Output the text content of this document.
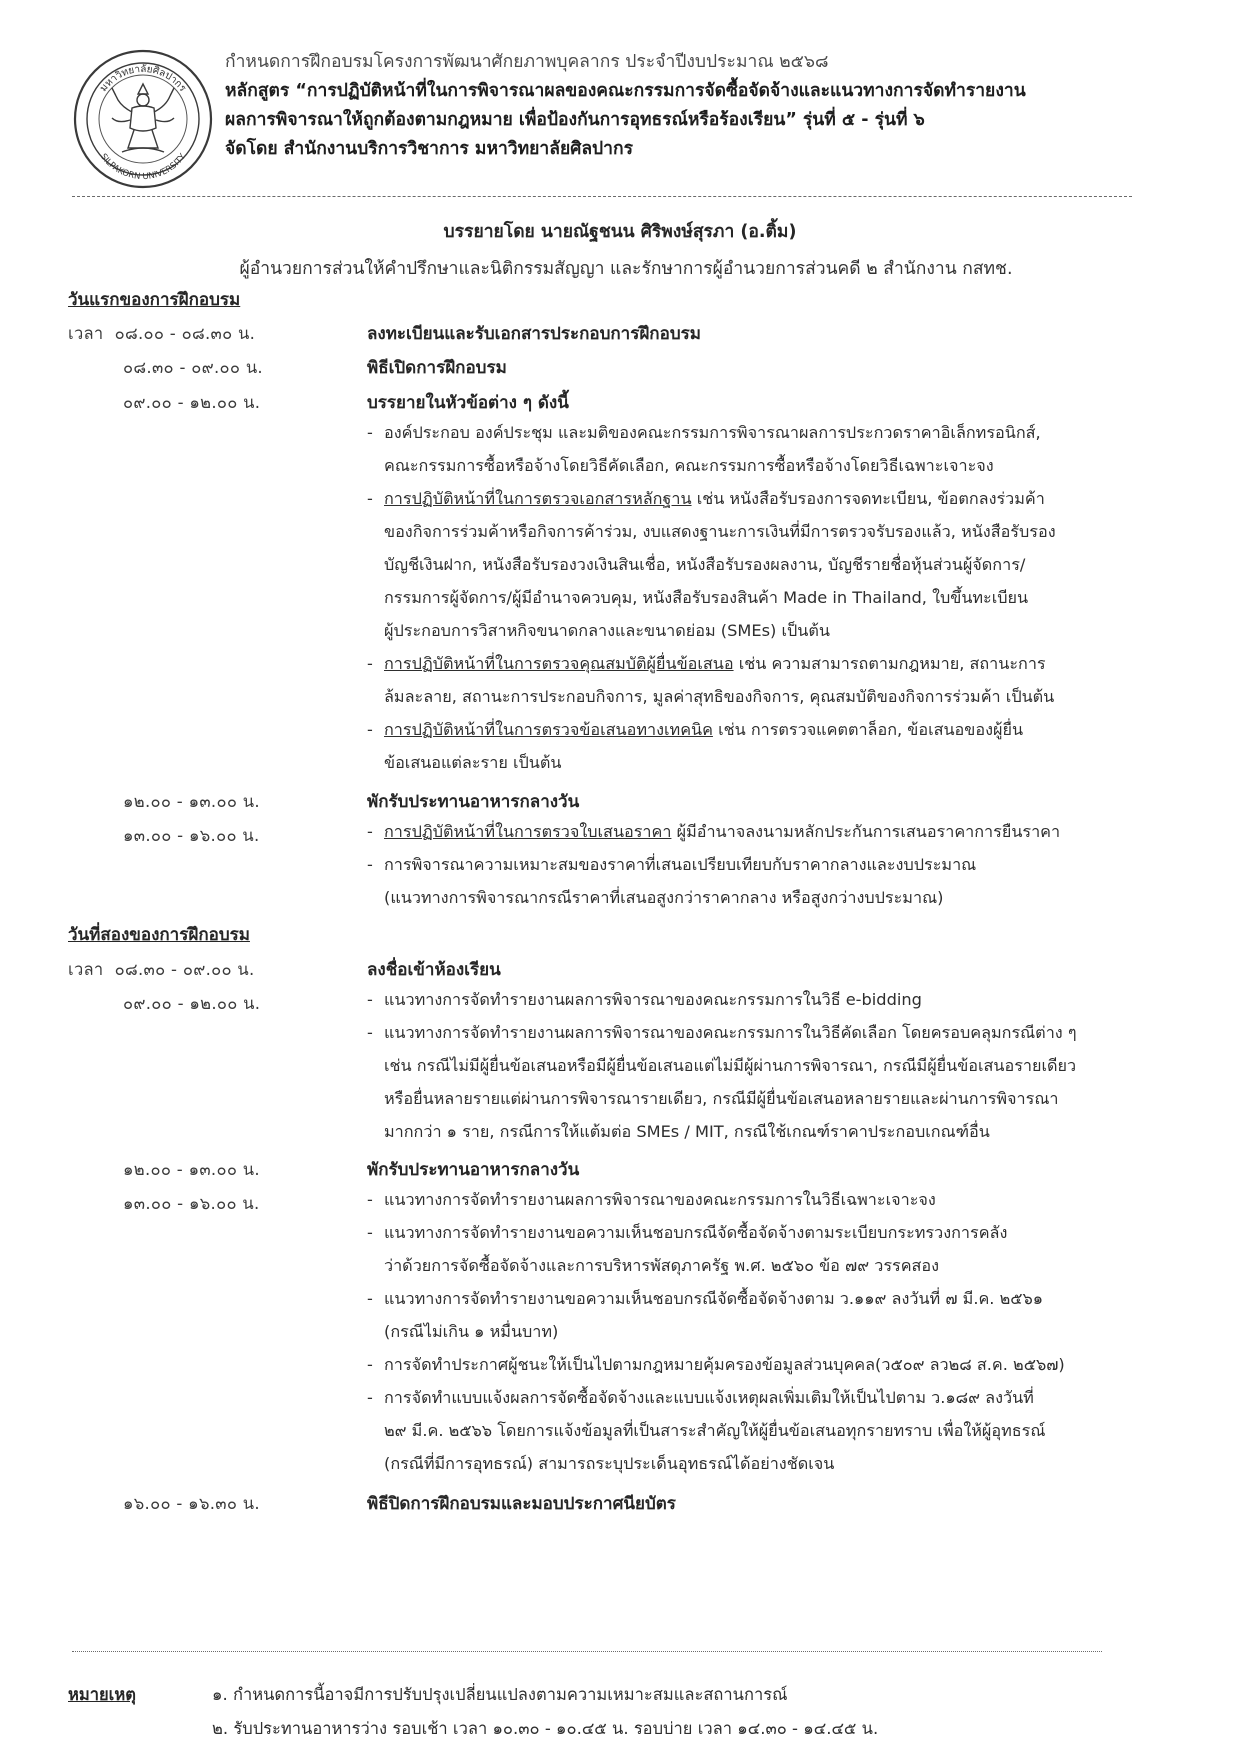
มหาวิทยาลัยศิลปากร
SILPAKORN UNIVERSITY
กำหนดการฝึกอบรมโครงการพัฒนาศักยภาพบุคลากร ประจำปีงบประมาณ ๒๕๖๘
หลักสูตร “การปฏิบัติหน้าที่ในการพิจารณาผลของคณะกรรมการจัดซื้อจัดจ้างและแนวทางการจัดทำรายงาน
ผลการพิจารณาให้ถูกต้องตามกฎหมาย เพื่อป้องกันการอุทธรณ์หรือร้องเรียน” รุ่นที่ ๕ - รุ่นที่ ๖
จัดโดย สำนักงานบริการวิชาการ มหาวิทยาลัยศิลปากร
บรรยายโดย นายณัฐชนน ศิริพงษ์สุรภา (อ.ติ้ม)
ผู้อำนวยการส่วนให้คำปรึกษาและนิติกรรมสัญญา และรักษาการผู้อำนวยการส่วนคดี ๒ สำนักงาน กสทช.
วันแรกของการฝึกอบรม
เวลา ๐๘.๐๐ - ๐๘.๓๐ น.	ลงทะเบียนและรับเอกสารประกอบการฝึกอบรม
๐๘.๓๐ - ๐๙.๐๐ น.	พิธีเปิดการฝึกอบรม
๐๙.๐๐ - ๑๒.๐๐ น.	บรรยายในหัวข้อต่าง ๆ ดังนี้
- องค์ประกอบ องค์ประชุม และมติของคณะกรรมการพิจารณาผลการประกวดราคาอิเล็กทรอนิกส์,
คณะกรรมการซื้อหรือจ้างโดยวิธีคัดเลือก, คณะกรรมการซื้อหรือจ้างโดยวิธีเฉพาะเจาะจง
- การปฏิบัติหน้าที่ในการตรวจเอกสารหลักฐาน เช่น หนังสือรับรองการจดทะเบียน, ข้อตกลงร่วมค้า
ของกิจการร่วมค้าหรือกิจการค้าร่วม, งบแสดงฐานะการเงินที่มีการตรวจรับรองแล้ว, หนังสือรับรอง
บัญชีเงินฝาก, หนังสือรับรองวงเงินสินเชื่อ, หนังสือรับรองผลงาน, บัญชีรายชื่อหุ้นส่วนผู้จัดการ/
กรรมการผู้จัดการ/ผู้มีอำนาจควบคุม, หนังสือรับรองสินค้า Made in Thailand, ใบขึ้นทะเบียน
ผู้ประกอบการวิสาหกิจขนาดกลางและขนาดย่อม (SMEs) เป็นต้น

- การปฏิบัติหน้าที่ในการตรวจคุณสมบัติผู้ยื่นข้อเสนอ เช่น ความสามารถตามกฎหมาย, สถานะการ
ล้มละลาย, สถานะการประกอบกิจการ, มูลค่าสุทธิของกิจการ, คุณสมบัติของกิจการร่วมค้า เป็นต้น
- การปฏิบัติหน้าที่ในการตรวจข้อเสนอทางเทคนิค เช่น การตรวจแคตตาล็อก, ข้อเสนอของผู้ยื่น
ข้อเสนอแต่ละราย เป็นต้น
๑๒.๐๐ - ๑๓.๐๐ น.	พักรับประทานอาหารกลางวัน
๑๓.๐๐ - ๑๖.๐๐ น.	- การปฏิบัติหน้าที่ในการตรวจใบเสนอราคา ผู้มีอำนาจลงนามหลักประกันการเสนอราคาการยืนราคา
- การพิจารณาความเหมาะสมของราคาที่เสนอเปรียบเทียบกับราคากลางและงบประมาณ
(แนวทางการพิจารณากรณีราคาที่เสนอสูงกว่าราคากลาง หรือสูงกว่างบประมาณ)
วันที่สองของการฝึกอบรม
เวลา ๐๘.๓๐ - ๐๙.๐๐ น.	ลงชื่อเข้าห้องเรียน
๐๙.๐๐ - ๑๒.๐๐ น.	- แนวทางการจัดทำรายงานผลการพิจารณาของคณะกรรมการในวิธี e-bidding
- แนวทางการจัดทำรายงานผลการพิจารณาของคณะกรรมการในวิธีคัดเลือก โดยครอบคลุมกรณีต่าง ๆ
เช่น กรณีไม่มีผู้ยื่นข้อเสนอหรือมีผู้ยื่นข้อเสนอแต่ไม่มีผู้ผ่านการพิจารณา, กรณีมีผู้ยื่นข้อเสนอรายเดียว
หรือยื่นหลายรายแต่ผ่านการพิจารณารายเดียว, กรณีมีผู้ยื่นข้อเสนอหลายรายและผ่านการพิจารณา
มากกว่า ๑ ราย, กรณีการให้แต้มต่อ SMEs / MIT, กรณีใช้เกณฑ์ราคาประกอบเกณฑ์อื่น
๑๒.๐๐ - ๑๓.๐๐ น.	พักรับประทานอาหารกลางวัน
๑๓.๐๐ - ๑๖.๐๐ น.	- แนวทางการจัดทำรายงานผลการพิจารณาของคณะกรรมการในวิธีเฉพาะเจาะจง
- แนวทางการจัดทำรายงานขอความเห็นชอบกรณีจัดซื้อจัดจ้างตามระเบียบกระทรวงการคลัง
ว่าด้วยการจัดซื้อจัดจ้างและการบริหารพัสดุภาครัฐ พ.ศ. ๒๕๖๐ ข้อ ๗๙ วรรคสอง
- แนวทางการจัดทำรายงานขอความเห็นชอบกรณีจัดซื้อจัดจ้างตาม ว.๑๑๙ ลงวันที่ ๗ มี.ค. ๒๕๖๑
(กรณีไม่เกิน ๑ หมื่นบาท)
- การจัดทำประกาศผู้ชนะให้เป็นไปตามกฎหมายคุ้มครองข้อมูลส่วนบุคคล(ว๕๐๙ ลว๒๘ ส.ค. ๒๕๖๗)
- การจัดทำแบบแจ้งผลการจัดซื้อจัดจ้างและแบบแจ้งเหตุผลเพิ่มเติมให้เป็นไปตาม ว.๑๘๙ ลงวันที่
๒๙ มี.ค. ๒๕๖๖ โดยการแจ้งข้อมูลที่เป็นสาระสำคัญให้ผู้ยื่นข้อเสนอทุกรายทราบ เพื่อให้ผู้อุทธรณ์
(กรณีที่มีการอุทธรณ์) สามารถระบุประเด็นอุทธรณ์ได้อย่างชัดเจน
๑๖.๐๐ - ๑๖.๓๐ น.	พิธีปิดการฝึกอบรมและมอบประกาศนียบัตร
หมายเหตุ	๑. กำหนดการนี้อาจมีการปรับปรุงเปลี่ยนแปลงตามความเหมาะสมและสถานการณ์
๒. รับประทานอาหารว่าง รอบเช้า เวลา ๑๐.๓๐ - ๑๐.๔๕ น. รอบบ่าย เวลา ๑๔.๓๐ - ๑๔.๔๕ น.
